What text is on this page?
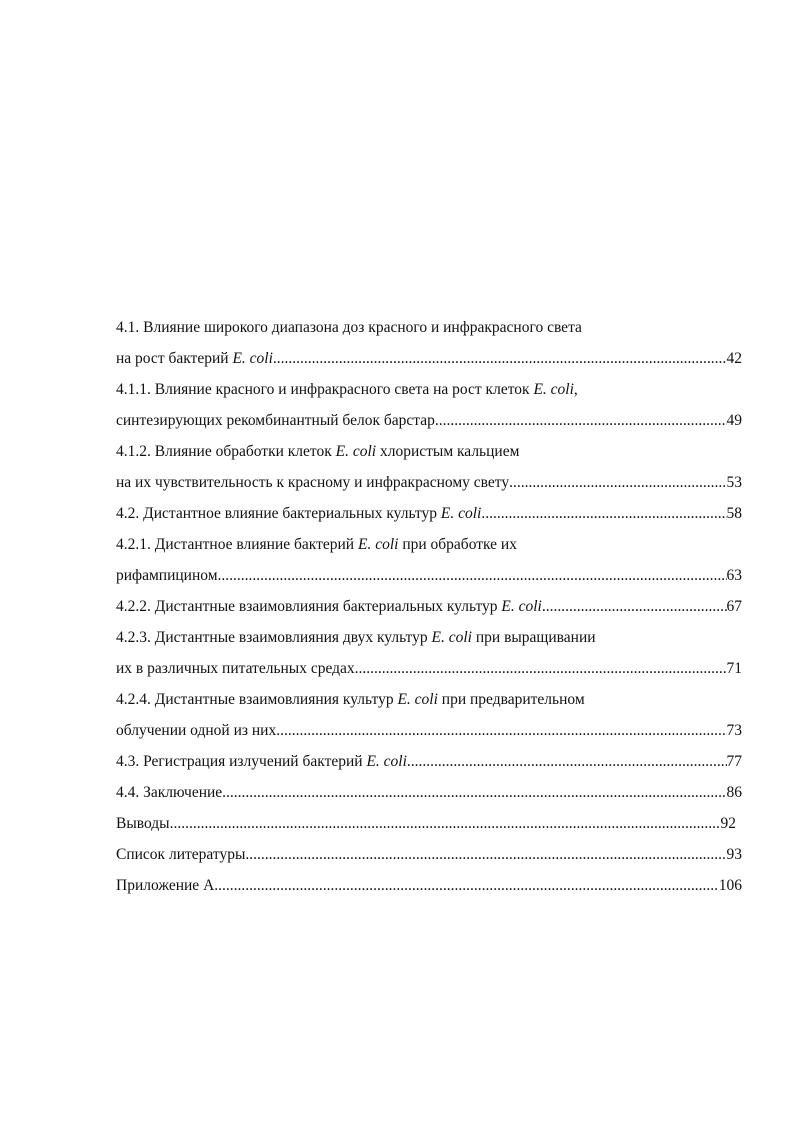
4.1. Влияние широкого диапазона доз красного и инфракрасного света
на рост бактерий E. coli .....	42
4.1.1. Влияние красного и инфракрасного света на рост клеток E. coli,
синтезирующих рекомбинантный белок барстар .....	49
4.1.2. Влияние обработки клеток E. coli хлористым кальцием
на их чувствительность к красному и инфракрасному свету .....	53
4.2. Дистантное влияние бактериальных культур E. coli .....	58
4.2.1. Дистантное влияние бактерий E. coli при обработке их
рифампицином .....	63
4.2.2. Дистантные взаимовлияния бактериальных культур E. coli .....	67
4.2.3. Дистантные взаимовлияния двух культур E. coli при выращивании
их в различных питательных средах .....	71
4.2.4. Дистантные взаимовлияния культур E. coli при предварительном
облучении одной из них .....	73
4.3. Регистрация излучений бактерий E. coli .....	77
4.4. Заключение .....	86
Выводы .....	92
Список литературы .....	93
Приложение А .....	106
